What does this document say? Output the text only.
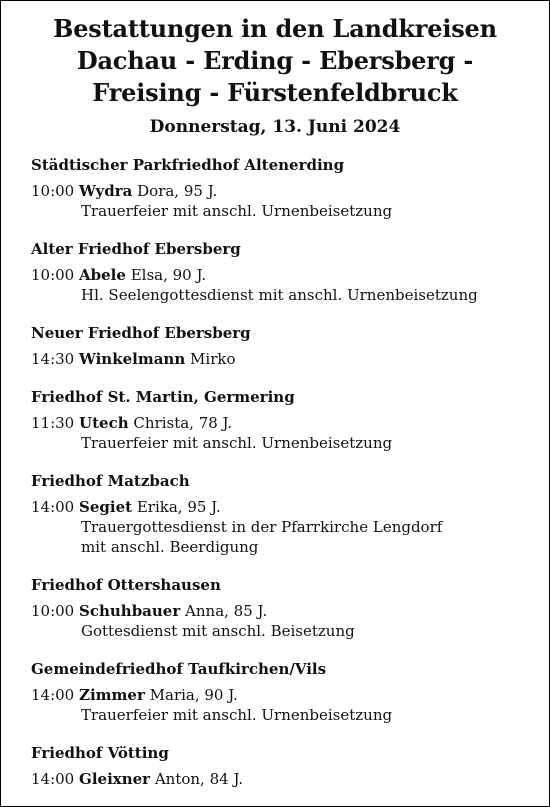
Bestattungen in den Landkreisen
Dachau - Erding - Ebersberg -
Freising - Fürstenfeldbruck
Donnerstag, 13. Juni 2024
Städtischer Parkfriedhof Altenerding
10:00 Wydra Dora, 95 J.
Trauerfeier mit anschl. Urnenbeisetzung
Alter Friedhof Ebersberg
10:00 Abele Elsa, 90 J.
Hl. Seelengottesdienst mit anschl. Urnenbeisetzung
Neuer Friedhof Ebersberg
14:30 Winkelmann Mirko
Friedhof St. Martin, Germering
11:30 Utech Christa, 78 J.
Trauerfeier mit anschl. Urnenbeisetzung
Friedhof Matzbach
14:00 Segiet Erika, 95 J.
Trauergottesdienst in der Pfarrkirche Lengdorf
mit anschl. Beerdigung
Friedhof Ottershausen
10:00 Schuhbauer Anna, 85 J.
Gottesdienst mit anschl. Beisetzung
Gemeindefriedhof Taufkirchen/Vils
14:00 Zimmer Maria, 90 J.
Trauerfeier mit anschl. Urnenbeisetzung
Friedhof Vötting
14:00 Gleixner Anton, 84 J.
